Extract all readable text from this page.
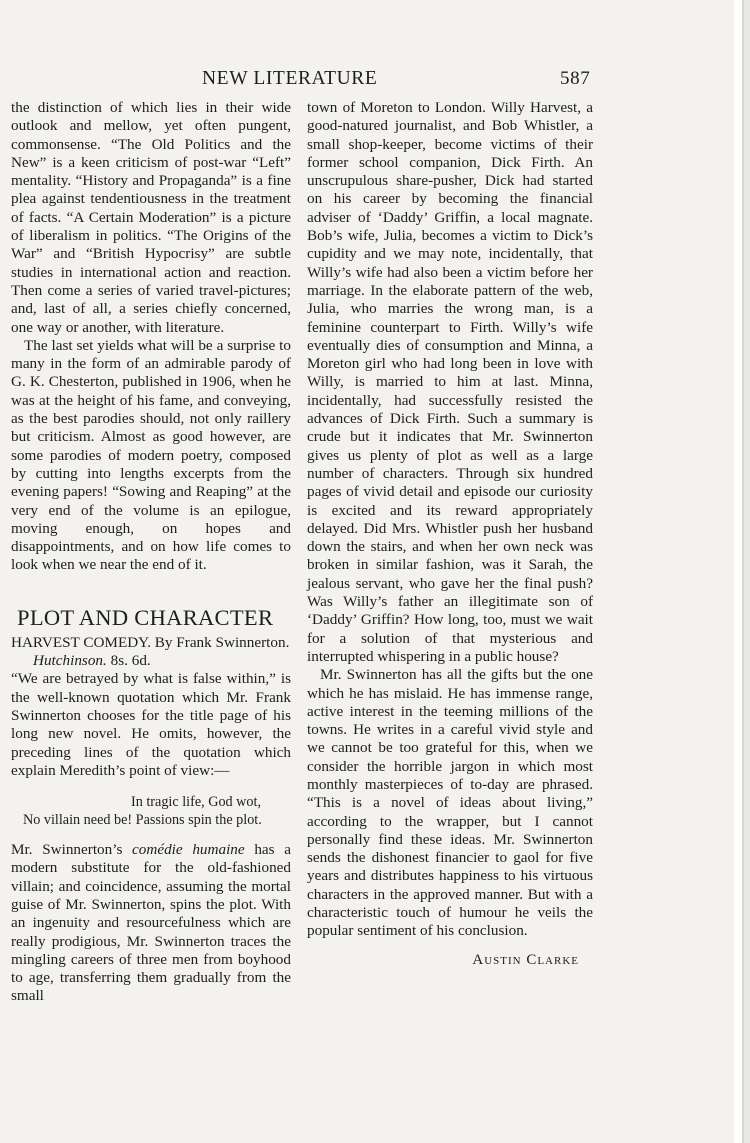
NEW LITERATURE	587

the distinction of which lies in their wide outlook and mellow, yet often pungent, commonsense. “The Old Politics and the New” is a keen criticism of post-war “Left” mentality. “History and Propaganda” is a fine plea against tendentiousness in the treatment of facts. “A Certain Moderation” is a picture of liberalism in politics. “The Origins of the War” and “British Hypocrisy” are subtle studies in international action and reaction. Then come a series of varied travel-pictures; and, last of all, a series chiefly concerned, one way or another, with literature.

The last set yields what will be a surprise to many in the form of an admirable parody of G. K. Chesterton, published in 1906, when he was at the height of his fame, and conveying, as the best parodies should, not only raillery but criticism. Almost as good however, are some parodies of modern poetry, composed by cutting into lengths excerpts from the evening papers! “Sowing and Reaping” at the very end of the volume is an epilogue, moving enough, on hopes and disappointments, and on how life comes to look when we near the end of it.

PLOT AND CHARACTER

HARVEST COMEDY. By Frank Swinnerton. Hutchinson. 8s. 6d.

“We are betrayed by what is false within,” is the well-known quotation which Mr. Frank Swinnerton chooses for the title page of his long new novel. He omits, however, the preceding lines of the quotation which explain Meredith’s point of view:—

In tragic life, God wot,
No villain need be! Passions spin the plot.

Mr. Swinnerton’s comédie humaine has a modern substitute for the old-fashioned villain; and coincidence, assuming the mortal guise of Mr. Swinnerton, spins the plot. With an ingenuity and resourcefulness which are really prodigious, Mr. Swinnerton traces the mingling careers of three men from boyhood to age, transferring them gradually from the small

town of Moreton to London. Willy Harvest, a good-natured journalist, and Bob Whistler, a small shop-keeper, become victims of their former school companion, Dick Firth. An unscrupulous share-pusher, Dick had started on his career by becoming the financial adviser of ‘Daddy’ Griffin, a local magnate. Bob’s wife, Julia, becomes a victim to Dick’s cupidity and we may note, incidentally, that Willy’s wife had also been a victim before her marriage. In the elaborate pattern of the web, Julia, who marries the wrong man, is a feminine counterpart to Firth. Willy’s wife eventually dies of consumption and Minna, a Moreton girl who had long been in love with Willy, is married to him at last. Minna, incidentally, had successfully resisted the advances of Dick Firth. Such a summary is crude but it indicates that Mr. Swinnerton gives us plenty of plot as well as a large number of characters. Through six hundred pages of vivid detail and episode our curiosity is excited and its reward appropriately delayed. Did Mrs. Whistler push her husband down the stairs, and when her own neck was broken in similar fashion, was it Sarah, the jealous servant, who gave her the final push? Was Willy’s father an illegitimate son of ‘Daddy’ Griffin? How long, too, must we wait for a solution of that mysterious and interrupted whispering in a public house?

Mr. Swinnerton has all the gifts but the one which he has mislaid. He has immense range, active interest in the teeming millions of the towns. He writes in a careful vivid style and we cannot be too grateful for this, when we consider the horrible jargon in which most monthly masterpieces of to-day are phrased. “This is a novel of ideas about living,” according to the wrapper, but I cannot personally find these ideas. Mr. Swinnerton sends the dishonest financier to gaol for five years and distributes happiness to his virtuous characters in the approved manner. But with a characteristic touch of humour he veils the popular sentiment of his conclusion.

Austin Clarke
